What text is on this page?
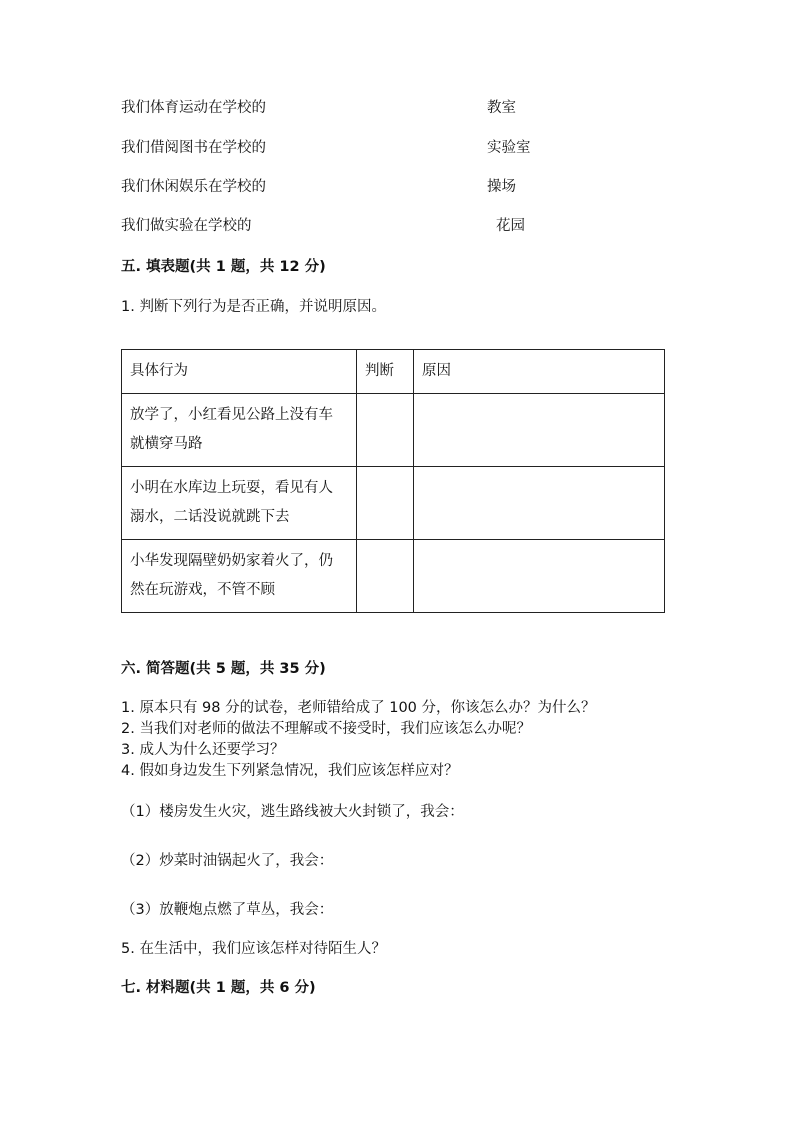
我们体育运动在学校的	教室
我们借阅图书在学校的	实验室
我们休闲娱乐在学校的	操场
我们做实验在学校的	花园
五. 填表题(共 1 题，共 12 分)
1. 判断下列行为是否正确，并说明原因。
具体行为	判断	原因

放学了，小红看见公路上没有车
就横穿马路		

小明在水库边上玩耍，看见有人
溺水，二话没说就跳下去		

小华发现隔壁奶奶家着火了，仍
然在玩游戏，不管不顾		

六. 简答题(共 5 题，共 35 分)
1. 原本只有 98 分的试卷，老师错给成了 100 分，你该怎么办？为什么？
2. 当我们对老师的做法不理解或不接受时，我们应该怎么办呢？
3. 成人为什么还要学习？
4. 假如身边发生下列紧急情况，我们应该怎样应对？
（1）楼房发生火灾，逃生路线被大火封锁了，我会：
（2）炒菜时油锅起火了，我会：
（3）放鞭炮点燃了草丛，我会：
5. 在生活中，我们应该怎样对待陌生人？
七. 材料题(共 1 题，共 6 分)
